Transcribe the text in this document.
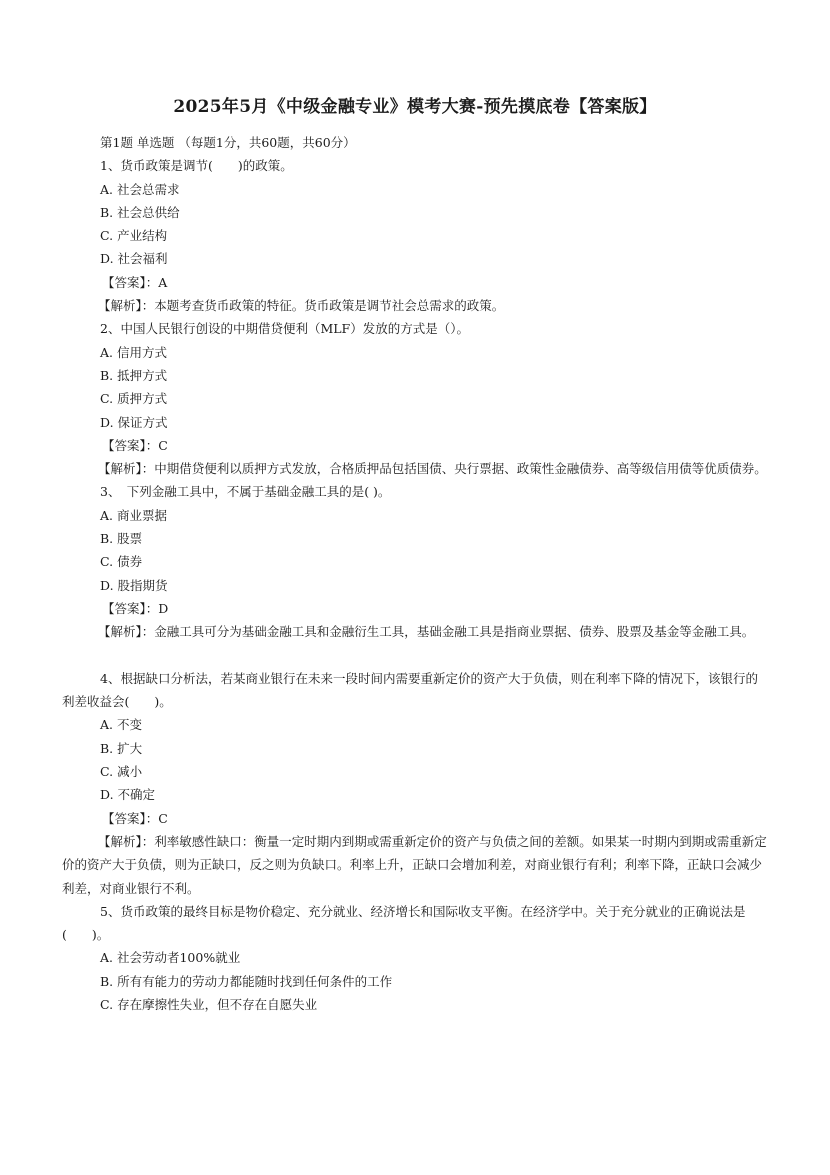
2025年5月《中级金融专业》模考大赛-预先摸底卷【答案版】
第1题 单选题 （每题1分，共60题，共60分）
1、货币政策是调节(　　)的政策。
A. 社会总需求
B. 社会总供给
C. 产业结构
D. 社会福利
【答案】：A
【解析】：本题考查货币政策的特征。货币政策是调节社会总需求的政策。
2、中国人民银行创设的中期借贷便利（MLF）发放的方式是（）。
A. 信用方式
B. 抵押方式
C. 质押方式
D. 保证方式
【答案】：C
【解析】：中期借贷便利以质押方式发放，合格质押品包括国债、央行票据、政策性金融债券、高等级信用债等优质债券。
3、　下列金融工具中，不属于基础金融工具的是( )。
A. 商业票据
B. 股票
C. 债券
D. 股指期货
【答案】：D
【解析】：金融工具可分为基础金融工具和金融衍生工具，基础金融工具是指商业票据、债券、股票及基金等金融工具。
4、根据缺口分析法，若某商业银行在未来一段时间内需要重新定价的资产大于负债，则在利率下降的情况下，该银行的利差收益会(　　)。
A. 不变
B. 扩大
C. 减小
D. 不确定
【答案】：C
【解析】：利率敏感性缺口：衡量一定时期内到期或需重新定价的资产与负债之间的差额。如果某一时期内到期或需重新定价的资产大于负债，则为正缺口，反之则为负缺口。利率上升，正缺口会增加利差，对商业银行有利；利率下降，正缺口会减少利差，对商业银行不利。
5、货币政策的最终目标是物价稳定、充分就业、经济增长和国际收支平衡。在经济学中。关于充分就业的正确说法是(　　)。
A. 社会劳动者100%就业
B. 所有有能力的劳动力都能随时找到任何条件的工作
C. 存在摩擦性失业，但不存在自愿失业
